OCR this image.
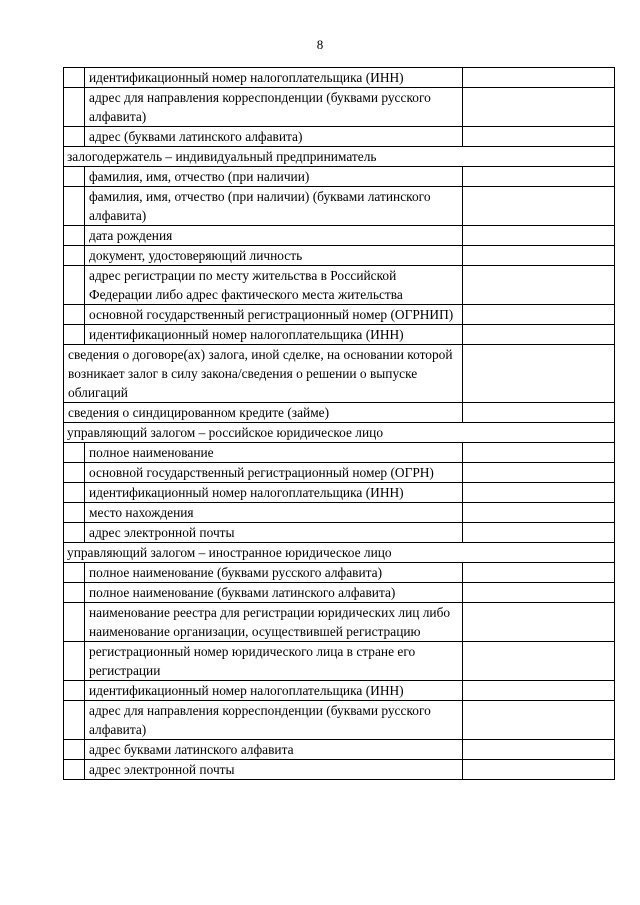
8
	идентификационный номер налогоплательщика (ИНН)	
	адрес для направления корреспонденции (буквами русского алфавита)	
	адрес (буквами латинского алфавита)	
залогодержатель – индивидуальный предприниматель		
	фамилия, имя, отчество (при наличии)	
	фамилия, имя, отчество (при наличии) (буквами латинского алфавита)	
	дата рождения	
	документ, удостоверяющий личность	
	адрес регистрации по месту жительства в Российской Федерации либо адрес фактического места жительства	
	основной государственный регистрационный номер (ОГРНИП)	
	идентификационный номер налогоплательщика (ИНН)	
сведения о договоре(ах) залога, иной сделке, на основании которой возникает залог в силу закона/сведения о решении о выпуске облигаций		
сведения о синдицированном кредите (займе)		
управляющий залогом – российское юридическое лицо		
	полное наименование	
	основной государственный регистрационный номер (ОГРН)	
	идентификационный номер налогоплательщика (ИНН)	
	место нахождения	
	адрес электронной почты	
управляющий залогом – иностранное юридическое лицо		
	полное наименование (буквами русского алфавита)	
	полное наименование (буквами латинского алфавита)	
	наименование реестра для регистрации юридических лиц либо наименование организации, осуществившей регистрацию	
	регистрационный номер юридического лица в стране его регистрации	
	идентификационный номер налогоплательщика (ИНН)	
	адрес для направления корреспонденции (буквами русского алфавита)	
	адрес буквами латинского алфавита	
	адрес электронной почты	
